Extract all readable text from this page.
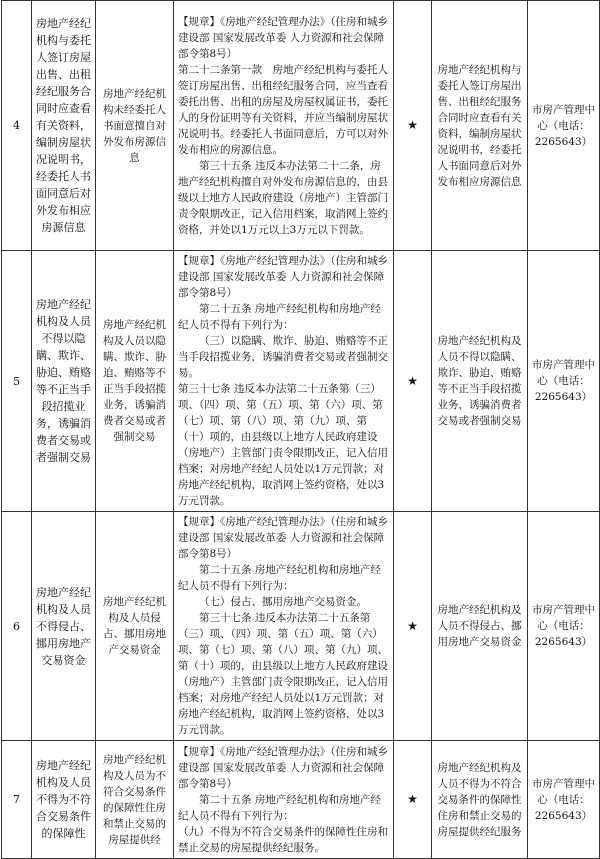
4	房地产经纪机构与委托人签订房屋出售、出租经纪服务合同时应查看有关资料，编制房屋状况说明书，经委托人书面同意后对外发布相应房源信息	房地产经纪机构未经委托人书面意擅自对外发布房源信息	【规章】《房地产经纪管理办法》（住房和城乡建设部 国家发展改革委 人力资源和社会保障部令第8号）
第二十二条第一款　房地产经纪机构与委托人签订房屋出售、出租经纪服务合同，应当查看委托出售、出租的房屋及房屋权属证书，委托人的身份证明等有关资料，并应当编制房屋状况说明书。经委托人书面同意后，方可以对外发布相应的房源信息。
第三十五条 违反本办法第二十二条，房地产经纪机构擅自对外发布房源信息的，由县级以上地方人民政府建设（房地产）主管部门责令限期改正，记入信用档案，取消网上签约资格，并处以1万元以上3万元以下罚款。	★	房地产经纪机构与委托人签订房屋出售、出租经纪服务合同时应查看有关资料，编制房屋状况说明书，经委托人书面同意后对外发布相应房源信息	市房产管理中心（电话：2265643）
5	房地产经纪机构及人员不得以隐瞒、欺诈、胁迫、贿赂等不正当手段招揽业务，诱骗消费者交易或者强制交易	房地产经纪机构及人员以隐瞒、欺诈、胁迫、贿赂等不正当手段招揽业务，诱骗消费者交易或者强制交易	【规章】《房地产经纪管理办法》（住房和城乡建设部 国家发展改革委 人力资源和社会保障部令第8号）
第二十五条 房地产经纪机构和房地产经纪人员不得有下列行为：
（三）以隐瞒、欺诈、胁迫、贿赂等不正当手段招揽业务，诱骗消费者交易或者强制交易。
第三十七条 违反本办法第二十五条第（三）项、（四）项、第（五）项、第（六）项、第（七）项、第（八）项、第（九）项、第（十）项的，由县级以上地方人民政府建设（房地产）主管部门责令限期改正，记入信用档案；对房地产经纪人员处以1万元罚款；对房地产经纪机构，取消网上签约资格，处以3万元罚款。	★	房地产经纪机构及人员不得以隐瞒、欺诈、胁迫、贿赂等不正当手段招揽业务，诱骗消费者交易或者强制交易	市房产管理中心（电话：2265643）
6	房地产经纪机构及人员不得侵占、挪用房地产交易资金	房地产经纪机构及人员侵占、挪用房地产交易资金	【规章】《房地产经纪管理办法》（住房和城乡建设部 国家发展改革委 人力资源和社会保障部令第8号）
第二十五条 房地产经纪机构和房地产经纪人员不得有下列行为：
（七）侵占、挪用房地产交易资金。
第三十七条 违反本办法第二十五条第（三）项、（四）项、第（五）项、第（六）项、第（七）项、第（八）项、第（九）项、第（十）项的，由县级以上地方人民政府建设（房地产）主管部门责令限期改正，记入信用档案；对房地产经纪人员处以1万元罚款；对房地产经纪机构，取消网上签约资格，处以3万元罚款。	★	房地产经纪机构及人员不得侵占、挪用房地产交易资金	市房产管理中心（电话：2265643）
7	房地产经纪机构及人员不得为不符合交易条件的保障性	房地产经纪机构及人员为不符合交易条件的保障性住房和禁止交易的房屋提供经	【规章】《房地产经纪管理办法》（住房和城乡建设部 国家发展改革委 人力资源和社会保障部令第8号）
第二十五条 房地产经纪机构和房地产经纪人员不得有下列行为：
（九）不得为不符合交易条件的保障性住房和禁止交易的房屋提供经纪服务。	★	房地产经纪机构及人员不得为不符合交易条件的保障性住房和禁止交易的房屋提供经纪服务	市房产管理中心（电话：2265643）
